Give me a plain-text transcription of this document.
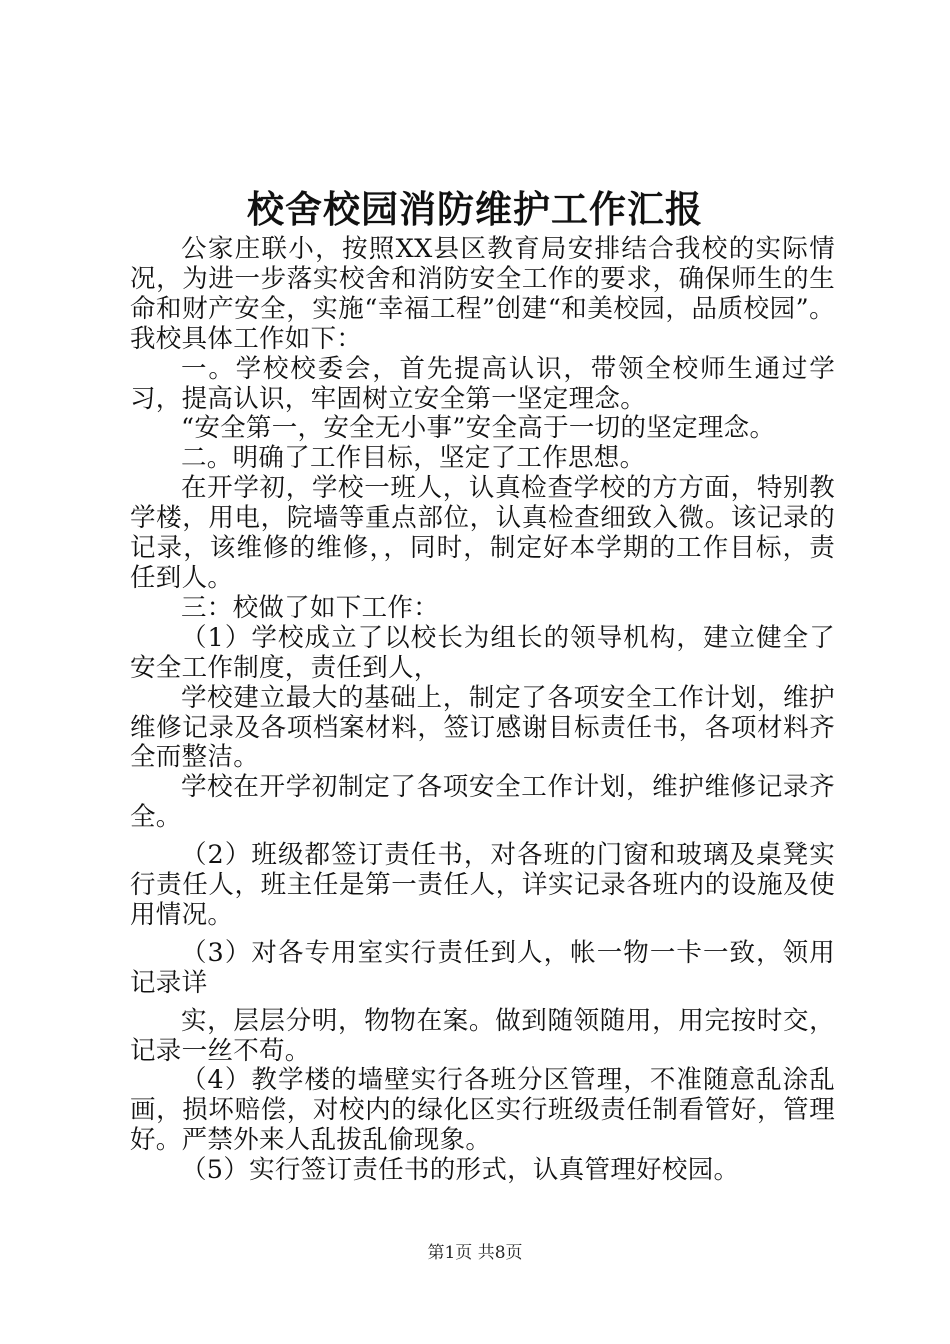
校舍校园消防维护工作汇报

公家庄联小，按照XX县区教育局安排结合我校的实际情况，为进一步落实校舍和消防安全工作的要求，确保师生的生命和财产安全，实施“幸福工程”创建“和美校园，品质校园”。我校具体工作如下：

一。学校校委会，首先提高认识，带领全校师生通过学习，提高认识，牢固树立安全第一坚定理念。

“安全第一，安全无小事”安全高于一切的坚定理念。

二。明确了工作目标，坚定了工作思想。

在开学初，学校一班人，认真检查学校的方方面，特别教学楼，用电，院墙等重点部位，认真检查细致入微。该记录的记录，该维修的维修，，同时，制定好本学期的工作目标，责任到人。

三：校做了如下工作：

（1）学校成立了以校长为组长的领导机构，建立健全了安全工作制度，责任到人，

学校建立最大的基础上，制定了各项安全工作计划，维护维修记录及各项档案材料，签订感谢目标责任书，各项材料齐全而整洁。

学校在开学初制定了各项安全工作计划，维护维修记录齐全。

（2）班级都签订责任书，对各班的门窗和玻璃及桌凳实行责任人，班主任是第一责任人，详实记录各班内的设施及使用情况。

（3）对各专用室实行责任到人，帐一物一卡一致，领用记录详

实，层层分明，物物在案。做到随领随用，用完按时交，记录一丝不苟。

（4）教学楼的墙壁实行各班分区管理，不准随意乱涂乱画，损坏赔偿，对校内的绿化区实行班级责任制看管好，管理好。严禁外来人乱拔乱偷现象。

（5）实行签订责任书的形式，认真管理好校园。

第1页 共8页
